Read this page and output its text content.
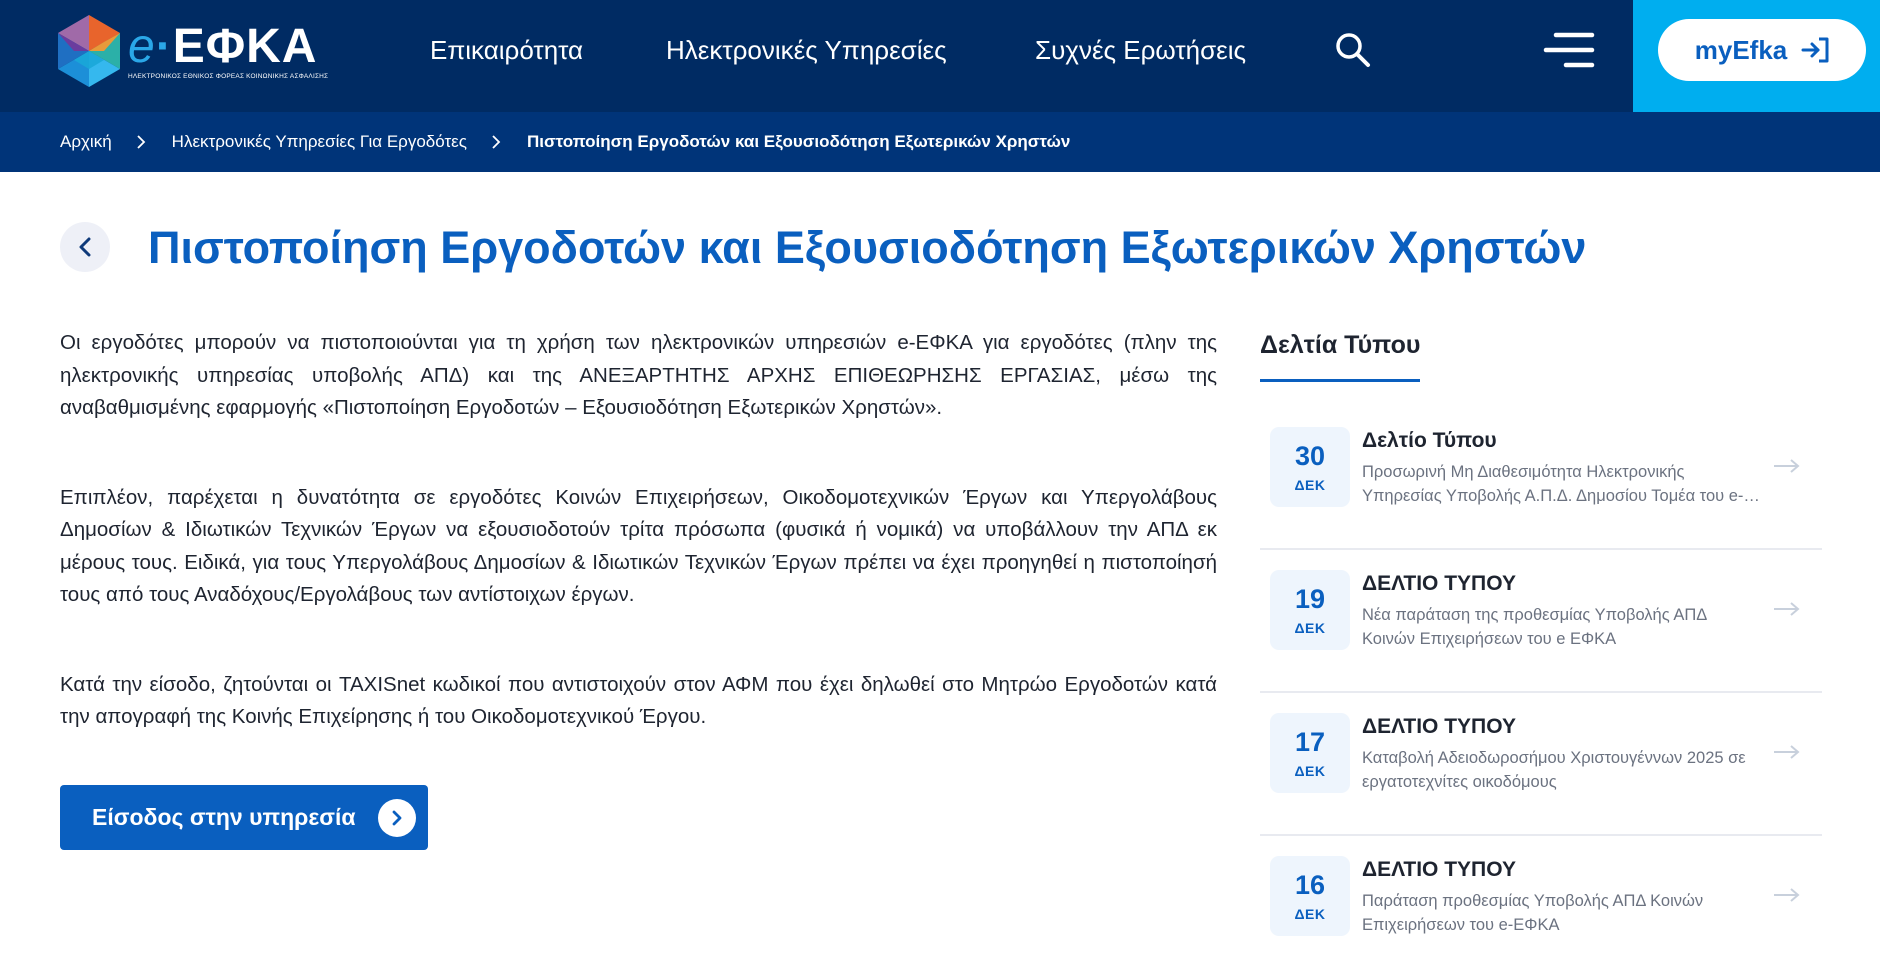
e·ΕΦΚΑ
ΗΛΕΚΤΡΟΝΙΚΟΣ ΕΘΝΙΚΟΣ ΦΟΡΕΑΣ ΚΟΙΝΩΝΙΚΗΣ ΑΣΦΑΛΙΣΗΣ
Επικαιρότητα	Ηλεκτρονικές Υπηρεσίες	Συχνές Ερωτήσεις	myEfka
Αρχική	Ηλεκτρονικές Υπηρεσίες Για Εργοδότες	Πιστοποίηση Εργοδοτών και Εξουσιοδότηση Εξωτερικών Χρηστών
Πιστοποίηση Εργοδοτών και Εξουσιοδότηση Εξωτερικών Χρηστών

Οι εργοδότες μπορούν να πιστοποιούνται για τη χρήση των ηλεκτρονικών υπηρεσιών e-ΕΦΚΑ για εργοδότες (πλην της ηλεκτρονικής υπηρεσίας υποβολής ΑΠΔ) και της ΑΝΕΞΑΡΤΗΤΗΣ ΑΡΧΗΣ ΕΠΙΘΕΩΡΗΣΗΣ ΕΡΓΑΣΙΑΣ, μέσω της αναβαθμισμένης εφαρμογής «Πιστοποίηση Εργοδοτών – Εξουσιοδότηση Εξωτερικών Χρηστών».

Επιπλέον, παρέχεται η δυνατότητα σε εργοδότες Κοινών Επιχειρήσεων, Οικοδομοτεχνικών Έργων και Υπεργολάβους Δημοσίων & Ιδιωτικών Τεχνικών Έργων να εξουσιοδοτούν τρίτα πρόσωπα (φυσικά ή νομικά) να υποβάλλουν την ΑΠΔ εκ μέρους τους. Ειδικά, για τους Υπεργολάβους Δημοσίων & Ιδιωτικών Τεχνικών Έργων πρέπει να έχει προηγηθεί η πιστοποίησή τους από τους Αναδόχους/Εργολάβους των αντίστοιχων έργων.

Κατά την είσοδο, ζητούνται οι TAXISnet κωδικοί που αντιστοιχούν στον ΑΦΜ που έχει δηλωθεί στο Μητρώο Εργοδοτών κατά την απογραφή της Κοινής Επιχείρησης ή του Οικοδομοτεχνικού Έργου.

Είσοδος στην υπηρεσία
Δελτία Τύπου
30
ΔΕΚ
Δελτίο Τύπου
Προσωρινή Μη Διαθεσιμότητα Ηλεκτρονικής Υπηρεσίας Υποβολής Α.Π.Δ. Δημοσίου Τομέα του e-…
19
ΔΕΚ
ΔΕΛΤΙΟ ΤΥΠΟΥ
Νέα παράταση της προθεσμίας Υποβολής ΑΠΔ Κοινών Επιχειρήσεων του e ΕΦΚΑ
17
ΔΕΚ
ΔΕΛΤΙΟ ΤΥΠΟΥ
Καταβολή Αδειοδωροσήμου Χριστουγέννων 2025 σε εργατοτεχνίτες οικοδόμους
16
ΔΕΚ
ΔΕΛΤΙΟ ΤΥΠΟΥ
Παράταση προθεσμίας Υποβολής ΑΠΔ Κοινών Επιχειρήσεων του e-ΕΦΚΑ
